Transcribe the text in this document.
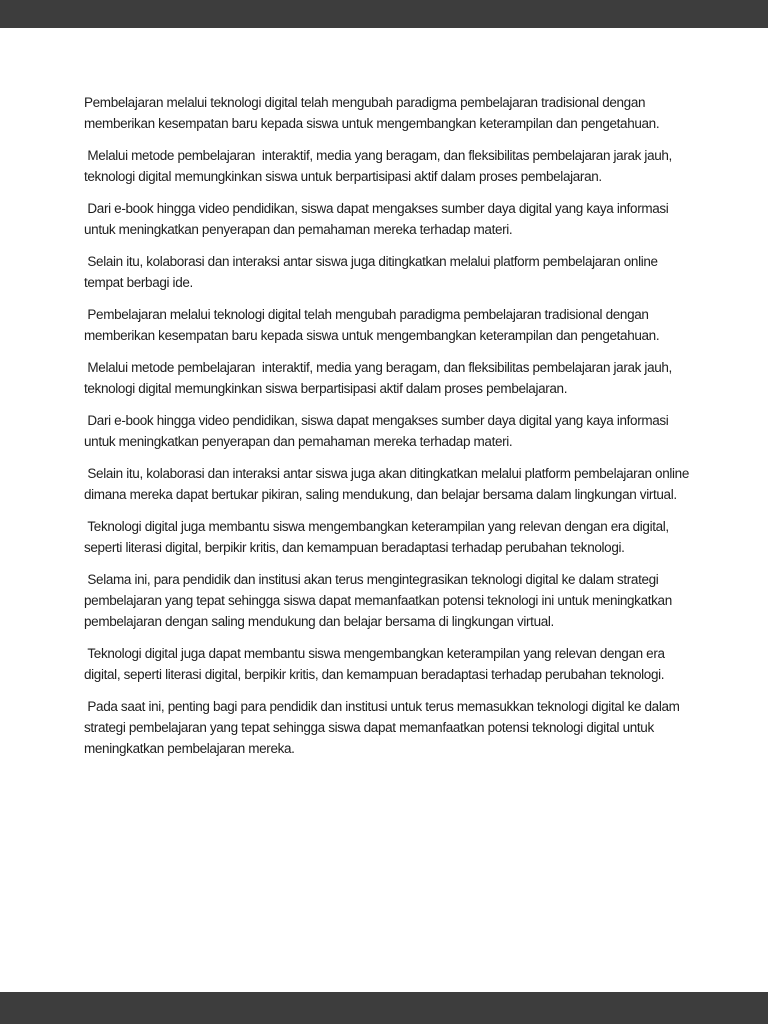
Pembelajaran melalui teknologi digital telah mengubah paradigma pembelajaran tradisional dengan memberikan kesempatan baru kepada siswa untuk mengembangkan keterampilan dan pengetahuan.

Melalui metode pembelajaran  interaktif, media yang beragam, dan fleksibilitas pembelajaran jarak jauh, teknologi digital memungkinkan siswa untuk berpartisipasi aktif dalam proses pembelajaran.

Dari e-book hingga video pendidikan, siswa dapat mengakses sumber daya digital yang kaya informasi untuk meningkatkan penyerapan dan pemahaman mereka terhadap materi.

Selain itu, kolaborasi dan interaksi antar siswa juga ditingkatkan melalui platform pembelajaran online tempat berbagi ide.

Pembelajaran melalui teknologi digital telah mengubah paradigma pembelajaran tradisional dengan memberikan kesempatan baru kepada siswa untuk mengembangkan keterampilan dan pengetahuan.

Melalui metode pembelajaran  interaktif, media yang beragam, dan fleksibilitas pembelajaran jarak jauh, teknologi digital memungkinkan siswa berpartisipasi aktif dalam proses pembelajaran.

Dari e-book hingga video pendidikan, siswa dapat mengakses sumber daya digital yang kaya informasi untuk meningkatkan penyerapan dan pemahaman mereka terhadap materi.

Selain itu, kolaborasi dan interaksi antar siswa juga akan ditingkatkan melalui platform pembelajaran online dimana mereka dapat bertukar pikiran, saling mendukung, dan belajar bersama dalam lingkungan virtual.

Teknologi digital juga membantu siswa mengembangkan keterampilan yang relevan dengan era digital, seperti literasi digital, berpikir kritis, dan kemampuan beradaptasi terhadap perubahan teknologi.

Selama ini, para pendidik dan institusi akan terus mengintegrasikan teknologi digital ke dalam strategi pembelajaran yang tepat sehingga siswa dapat memanfaatkan potensi teknologi ini untuk meningkatkan pembelajaran dengan saling mendukung dan belajar bersama di lingkungan virtual.

Teknologi digital juga dapat membantu siswa mengembangkan keterampilan yang relevan dengan era digital, seperti literasi digital, berpikir kritis, dan kemampuan beradaptasi terhadap perubahan teknologi.

Pada saat ini, penting bagi para pendidik dan institusi untuk terus memasukkan teknologi digital ke dalam strategi pembelajaran yang tepat sehingga siswa dapat memanfaatkan potensi teknologi digital untuk meningkatkan pembelajaran mereka.
